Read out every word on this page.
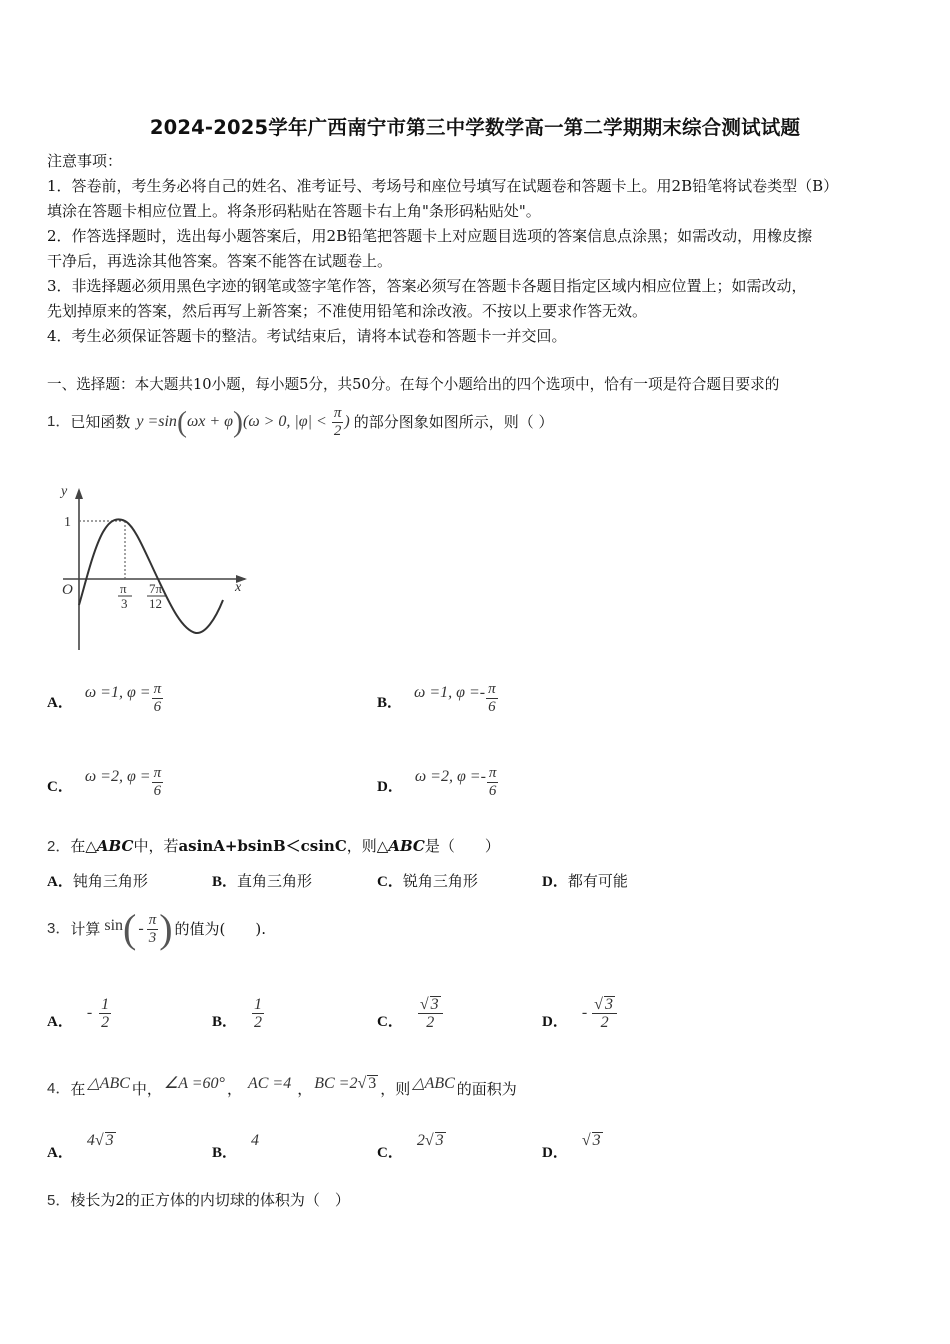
2024-2025学年广西南宁市第三中学数学高一第二学期期末综合测试试题
注意事项：
1．答卷前，考生务必将自己的姓名、准考证号、考场号和座位号填写在试题卷和答题卡上。用2B铅笔将试卷类型（B）
填涂在答题卡相应位置上。将条形码粘贴在答题卡右上角"条形码粘贴处"。
2．作答选择题时，选出每小题答案后，用2B铅笔把答题卡上对应题目选项的答案信息点涂黑；如需改动，用橡皮擦
干净后，再选涂其他答案。答案不能答在试题卷上。
3．非选择题必须用黑色字迹的钢笔或签字笔作答，答案必须写在答题卡各题目指定区域内相应位置上；如需改动，
先划掉原来的答案，然后再写上新答案；不准使用铅笔和涂改液。不按以上要求作答无效。
4．考生必须保证答题卡的整洁。考试结束后，请将本试卷和答题卡一并交回。
一、选择题：本大题共10小题，每小题5分，共50分。在每个小题给出的四个选项中，恰有一项是符合题目要求的
1． 已知函数 y =sin(ωx + φ)(ω > 0, $|\varphi| < \frac{\pi}{2}$ ) 的部分图象如图所示，则（ ）
y
x
O
1
π
3
7π
12
A．
ω =1, $\varphi = \frac{\pi}{6}$	B．
ω =1, $\varphi =- \frac{\pi}{6}$
C．
ω =2, $\varphi = \frac{\pi}{6}$	D．
ω =2, $\varphi =- \frac{\pi}{6}$
2．在△ABC中，若asinA+bsinB＜csinC，则△ABC是（　　）
A．钝角三角形	B．直角三角形	C．锐角三角形	D．都有可能
3． 计算 sin ( - $\frac{\pi}{3}$ ) 的值为(　　).
A．
- $\frac{1}{2}$	B． $\frac{1}{2}$	C． $\frac{√ 3}{2}$	D．
- $\frac{√ 3}{2}$
4． 在 △ABC 中， ∠A =60° ， AC =4 ， BC =2√ 3 ，则 △ABC 的面积为
A．
4√ 3
B．
4
C．
2√ 3
D．
√ 3
5．棱长为2的正方体的内切球的体积为（　）
